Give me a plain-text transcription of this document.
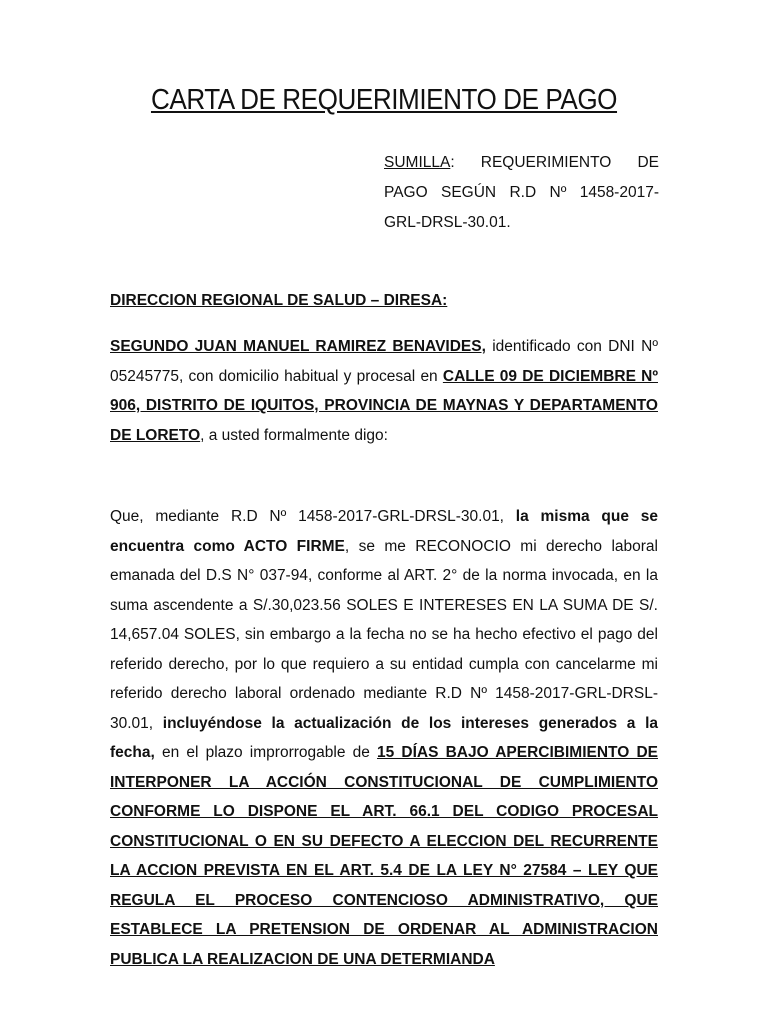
CARTA DE REQUERIMIENTO DE PAGO
SUMILLA: REQUERIMIENTO DE PAGO SEGÚN R.D Nº 1458-2017-GRL-DRSL-30.01.
DIRECCION REGIONAL DE SALUD – DIRESA:
SEGUNDO JUAN MANUEL RAMIREZ BENAVIDES, identificado con DNI Nº 05245775, con domicilio habitual y procesal en CALLE 09 DE DICIEMBRE Nº 906, DISTRITO DE IQUITOS, PROVINCIA DE MAYNAS Y DEPARTAMENTO DE LORETO, a usted formalmente digo:
Que, mediante R.D Nº 1458-2017-GRL-DRSL-30.01, la misma que se encuentra como ACTO FIRME, se me RECONOCIO mi derecho laboral emanada del D.S N° 037-94, conforme al ART. 2° de la norma invocada, en la suma ascendente a S/.30,023.56 SOLES E INTERESES EN LA SUMA DE S/. 14,657.04 SOLES, sin embargo a la fecha no se ha hecho efectivo el pago del referido derecho, por lo que requiero a su entidad cumpla con cancelarme mi referido derecho laboral ordenado mediante R.D Nº 1458-2017-GRL-DRSL-30.01, incluyéndose la actualización de los intereses generados a la fecha, en el plazo improrrogable de 15 DÍAS BAJO APERCIBIMIENTO DE INTERPONER LA ACCIÓN CONSTITUCIONAL DE CUMPLIMIENTO CONFORME LO DISPONE EL ART. 66.1 DEL CODIGO PROCESAL CONSTITUCIONAL O EN SU DEFECTO A ELECCION DEL RECURRENTE LA ACCION PREVISTA EN EL ART. 5.4 DE LA LEY N° 27584 – LEY QUE REGULA EL PROCESO CONTENCIOSO ADMINISTRATIVO, QUE ESTABLECE LA PRETENSION DE ORDENAR AL ADMINISTRACION PUBLICA LA REALIZACION DE UNA DETERMIANDA
